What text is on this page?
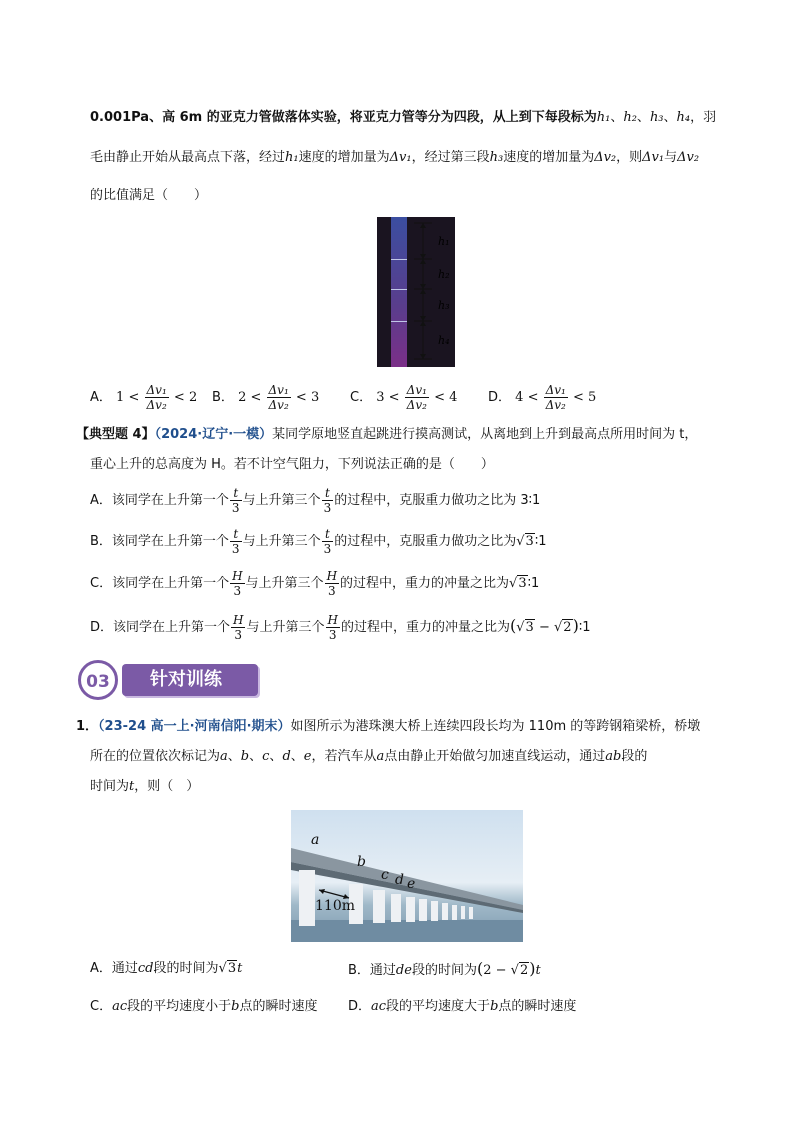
0.001Pa、高 6m 的亚克力管做落体实验，将亚克力管等分为四段，从上到下每段标为h₁、h₂、h₃、h₄，羽
毛由静止开始从最高点下落，经过h₁速度的增加量为Δv₁，经过第三段h₃速度的增加量为Δv₂，则Δv₁与Δv₂
的比值满足（　　）
h₁
h₂
h₃
h₄
A． $1 < \frac{\text{Δv₁}}{\text{Δv₂}} < 2$ B． $2 < \frac{\text{Δv₁}}{\text{Δv₂}} < 3$ C． $3 < \frac{\text{Δv₁}}{\text{Δv₂}} < 4$ D． $4 < \frac{\text{Δv₁}}{\text{Δv₂}} < 5$
【典型题 4】（2024·辽宁·一模）某同学原地竖直起跳进行摸高测试，从离地到上升到最高点所用时间为 t，
重心上升的总高度为 H。若不计空气阻力，下列说法正确的是（　　）
A．该同学在上升第一个 $\frac{t}{3}$ 与上升第三个 $\frac{t}{3}$ 的过程中，克服重力做功之比为 3∶1
B．该同学在上升第一个 $\frac{t}{3}$ 与上升第三个 $\frac{t}{3}$ 的过程中，克服重力做功之比为√3∶1
C．该同学在上升第一个 $\frac{H}{3}$ 与上升第三个 $\frac{H}{3}$ 的过程中，重力的冲量之比为√3∶1
D．该同学在上升第一个 $\frac{H}{3}$ 与上升第三个 $\frac{H}{3}$ 的过程中，重力的冲量之比为(√3 − √2)∶1
03	针对训练
1．（23-24 高一上·河南信阳·期末）如图所示为港珠澳大桥上连续四段长均为 110m 的等跨钢箱梁桥，桥墩
所在的位置依次标记为a、b、c、d、e，若汽车从a点由静止开始做匀加速直线运动，通过ab段的
时间为t，则（　）
a
b
c d e
110m
A．通过cd段的时间为√3t	B．通过de段的时间为(2 − √2)t
C．ac段的平均速度小于b点的瞬时速度 D．ac段的平均速度大于b点的瞬时速度
